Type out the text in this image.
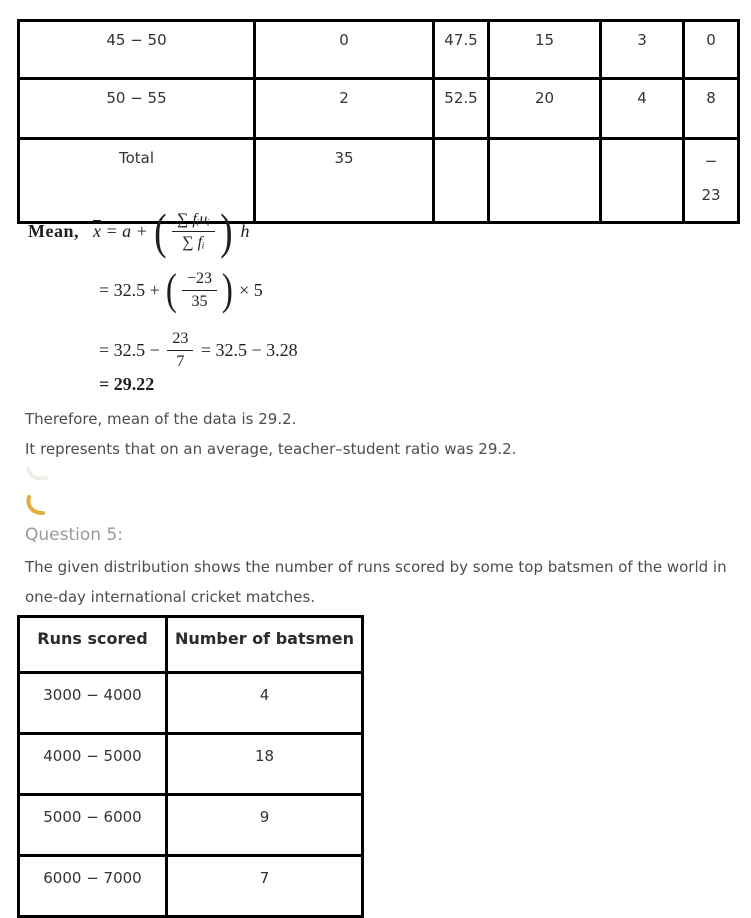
45 − 50	0	47.5	15	3	0
50 − 55	2	52.5	20	4	8
Total	35				−
23
Mean, $\overline{x} = a$ + ( $\frac{\text{∑ fᵢuᵢ}}{\text{∑ fᵢ}}$ ) h
= 32.5 + ( $\frac{-23}{35}$ ) × 5
= $32.5 - \frac{23}{7} = 32.5 - 3.28$
= 29.22
Therefore, mean of the data is 29.2.
It represents that on an average, teacher–student ratio was 29.2.
Question 5:
The given distribution shows the number of runs scored by some top batsmen of the world in one-day international cricket matches.
Runs scored	Number of batsmen
3000 − 4000	4
4000 − 5000	18
5000 − 6000	9
6000 − 7000	7
